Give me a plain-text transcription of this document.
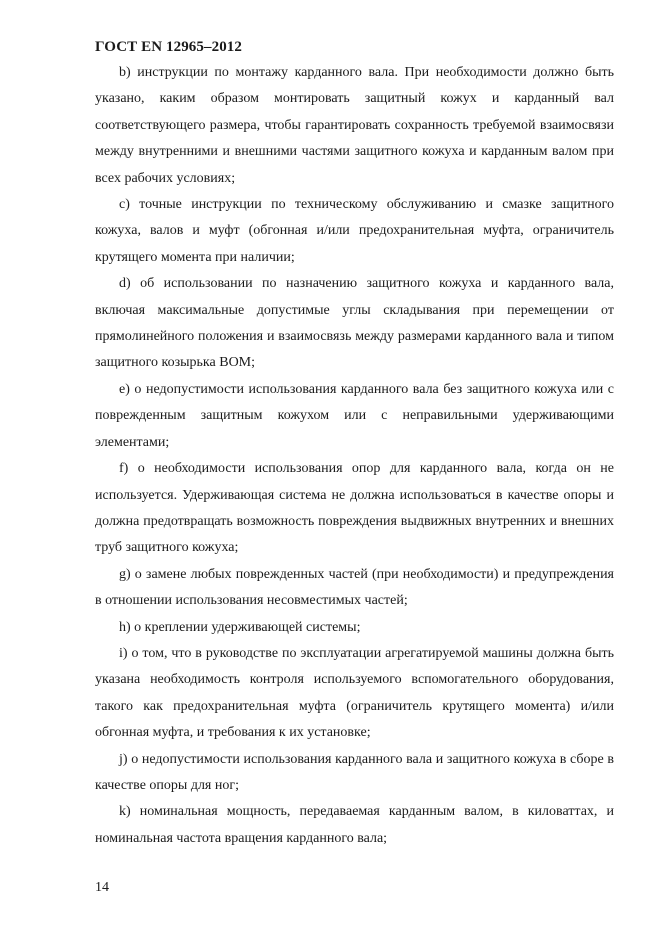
ГОСТ EN 12965–2012

b) инструкции по монтажу карданного вала. При необходимости должно быть указано, каким образом монтировать защитный кожух и карданный вал соответствующего размера, чтобы гарантировать сохранность требуемой взаимосвязи между внутренними и внешними частями защитного кожуха и карданным валом при всех рабочих условиях;

с) точные инструкции по техническому обслуживанию и смазке защитного кожуха, валов и муфт (обгонная и/или предохранительная муфта, ограничитель крутящего момента при наличии;

d) об использовании по назначению защитного кожуха и карданного вала, включая максимальные допустимые углы складывания при перемещении от прямолинейного положения и взаимосвязь между размерами карданного вала и типом защитного козырька ВОМ;

е) о недопустимости использования карданного вала без защитного кожуха или с поврежденным защитным кожухом или с неправильными удерживающими элементами;

f) о необходимости использования опор для карданного вала, когда он не используется. Удерживающая система не должна использоваться в качестве опоры и должна предотвращать возможность повреждения выдвижных внутренних и внешних труб защитного кожуха;

g) о замене любых поврежденных частей (при необходимости) и предупреждения в отношении использования несовместимых частей;

h) о креплении удерживающей системы;

i) о том, что в руководстве по эксплуатации агрегатируемой машины должна быть указана необходимость контроля используемого вспомогательного оборудования, такого как предохранительная муфта (ограничитель крутящего момента) и/или обгонная муфта, и требования к их установке;

j) о недопустимости использования карданного вала и защитного кожуха в сборе в качестве опоры для ног;

k) номинальная мощность, передаваемая карданным валом, в киловаттах, и номинальная частота вращения карданного вала;

14
